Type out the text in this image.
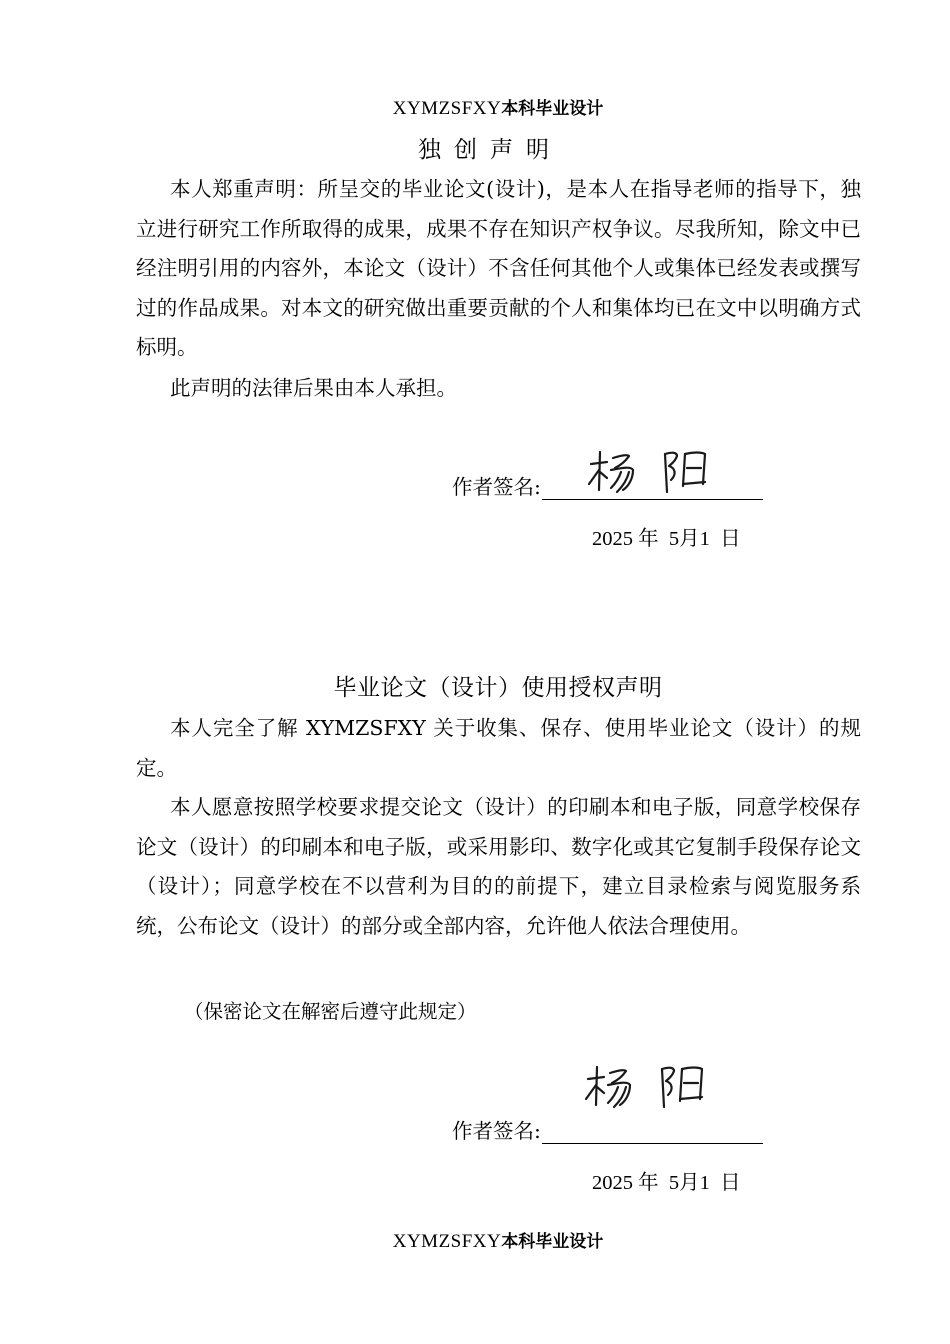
XYMZSFXY本科毕业设计
独创声明
本人郑重声明：所呈交的毕业论文(设计)，是本人在指导老师的指导下，独立进行研究工作所取得的成果，成果不存在知识产权争议。尽我所知，除文中已经注明引用的内容外，本论文（设计）不含任何其他个人或集体已经发表或撰写过的作品成果。对本文的研究做出重要贡献的个人和集体均已在文中以明确方式标明。
此声明的法律后果由本人承担。
作者签名:
2025 年 5月1 日
毕业论文（设计）使用授权声明
本人完全了解 XYMZSFXY 关于收集、保存、使用毕业论文（设计）的规定。
本人愿意按照学校要求提交论文（设计）的印刷本和电子版，同意学校保存论文（设计）的印刷本和电子版，或采用影印、数字化或其它复制手段保存论文（设计）；同意学校在不以营利为目的的前提下，建立目录检索与阅览服务系统，公布论文（设计）的部分或全部内容，允许他人依法合理使用。
（保密论文在解密后遵守此规定）
作者签名:
2025 年 5月1 日
XYMZSFXY本科毕业设计
